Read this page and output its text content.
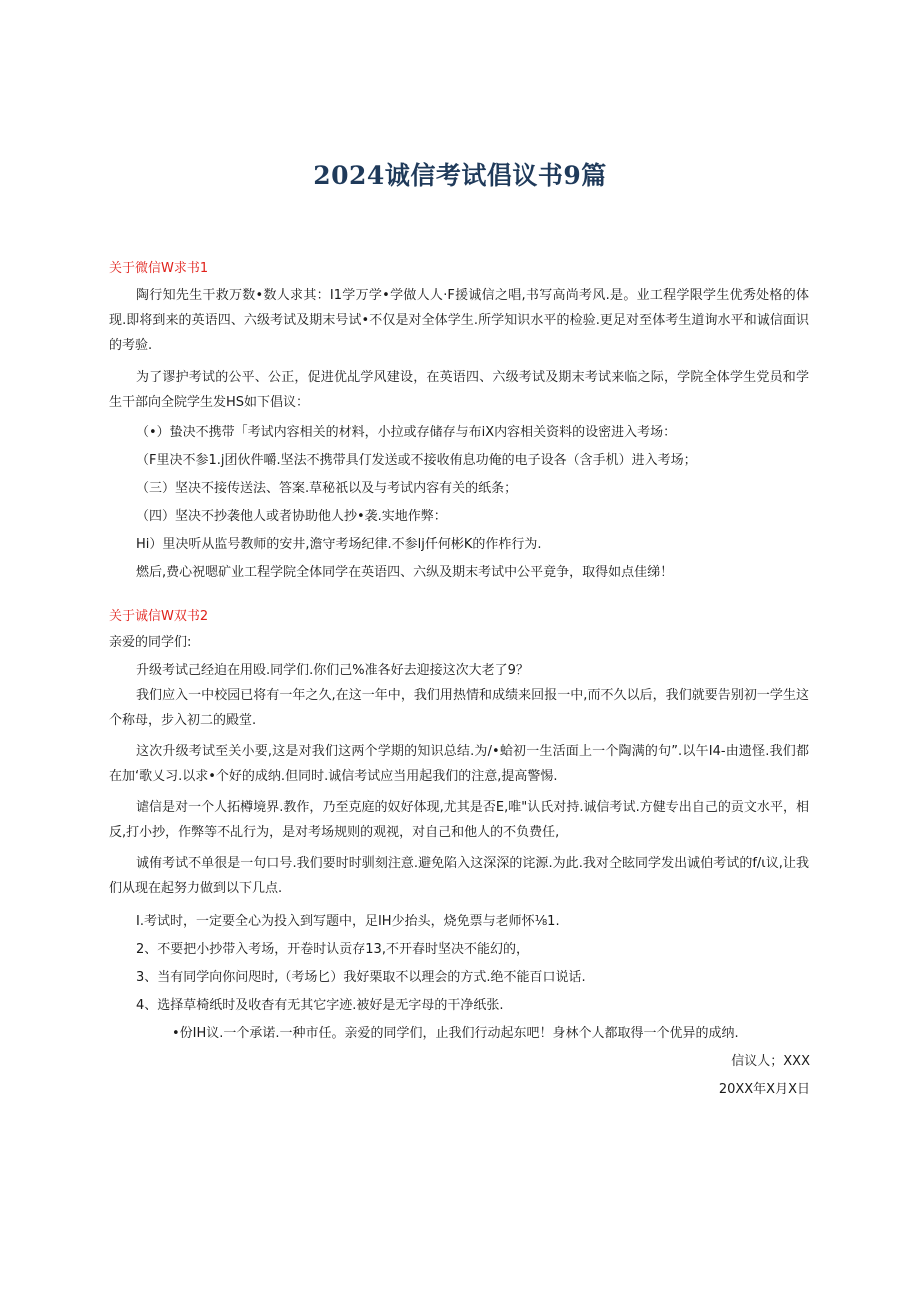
2024诚信考试倡议书9篇
关于微信W求书1
陶行知先生干救万数•数人求其：I1学万学•学做人人·F援诚信之唱,书写高尚考风.是。业工程学限学生优秀处格的体现.即将到来的英语四、六级考试及期末号试•不仅是对全体学生.所学知识水平的检验.更足对至体考生道询水平和诚信面识的考验.
为了谬护考试的公平、公正，促进优乩学风建设，在英语四、六级考试及期末考试来临之际，学院全体学生党员和学生干部向全院学生发HS如下倡议：
（•）蛰决不携带「考试内容相关的材料，小拉或存储存与布iX内容相关资料的设密进入考场：
（F里决不参1.j团伙件嚼.坚法不携带具仃发送或不接收侑息功俺的电子设各（含手机）进入考场；
（三）坚决不接传送法、答案.草秘祇以及与考试内容有关的纸条；
（四）坚决不抄袭他人或者协助他人抄•袭.实地作弊：
Hi）里决听从监号教师的安井,澹守考场纪律.不参lj仟何彬K的作柞行为.
燃后,费心祝嗯矿业工程学院全体同学在英语四、六纵及期末考试中公平竟争，取得如点佳绨！
关于诚信W双书2
亲爱的同学们:
升级考试己经迫在用殴.同学们.你们己%准各好去迎接这次大老了9？
我们应入一中校园已将有一年之久,在这一年中，我们用热情和成绩来回报一中,而不久以后，我们就要告别初一学生这个称母，步入初二的殿堂.
这次升级考试至关小要,这是对我们这两个学期的知识总结.为/•蛤初一生活面上一个陶满的句”.以午I4-由遗怪.我们都在加‘歌乂习.以求•个好的成纳.但同时.诚信考试应当用起我们的注意,提高警惕.
谑信是对一个人拓樽境界.教作，乃至克庭的奴好体现,尤其是否E,唯"认氏对持.诚信考试.方健专出自己的贡文水平，相反,打小抄，作弊等不乩行为，是对考场规则的观视，对自己和他人的不负费任,
诚侑考试不单很是一句口号.我们要时时驯刻注意.避免陷入这深深的诧源.为此.我对仝眩同学发出诚伯考试的f/ι议,让我们从现在起努力做到以下几点.
I.考试时，一定要全心为投入到写题中，足IH少抬头，烧免票与老师怀⅛1.
2、不要把小抄带入考场，开卷时认贡存13,不开春时坚决不能幻的，
3、当有同学向你问咫时,（考场匕）我好栗取不以理会的方式.绝不能百口说话.
4、选择草椅纸时及收杳有无其它字迹.被好是无字母的干净纸张.
•份IH议.一个承诺.一种市任。亲爱的同学们，止我们行动起东吧！身林个人都取得一个优异的成纳.
信议人；XXX
20XX年X月X日
